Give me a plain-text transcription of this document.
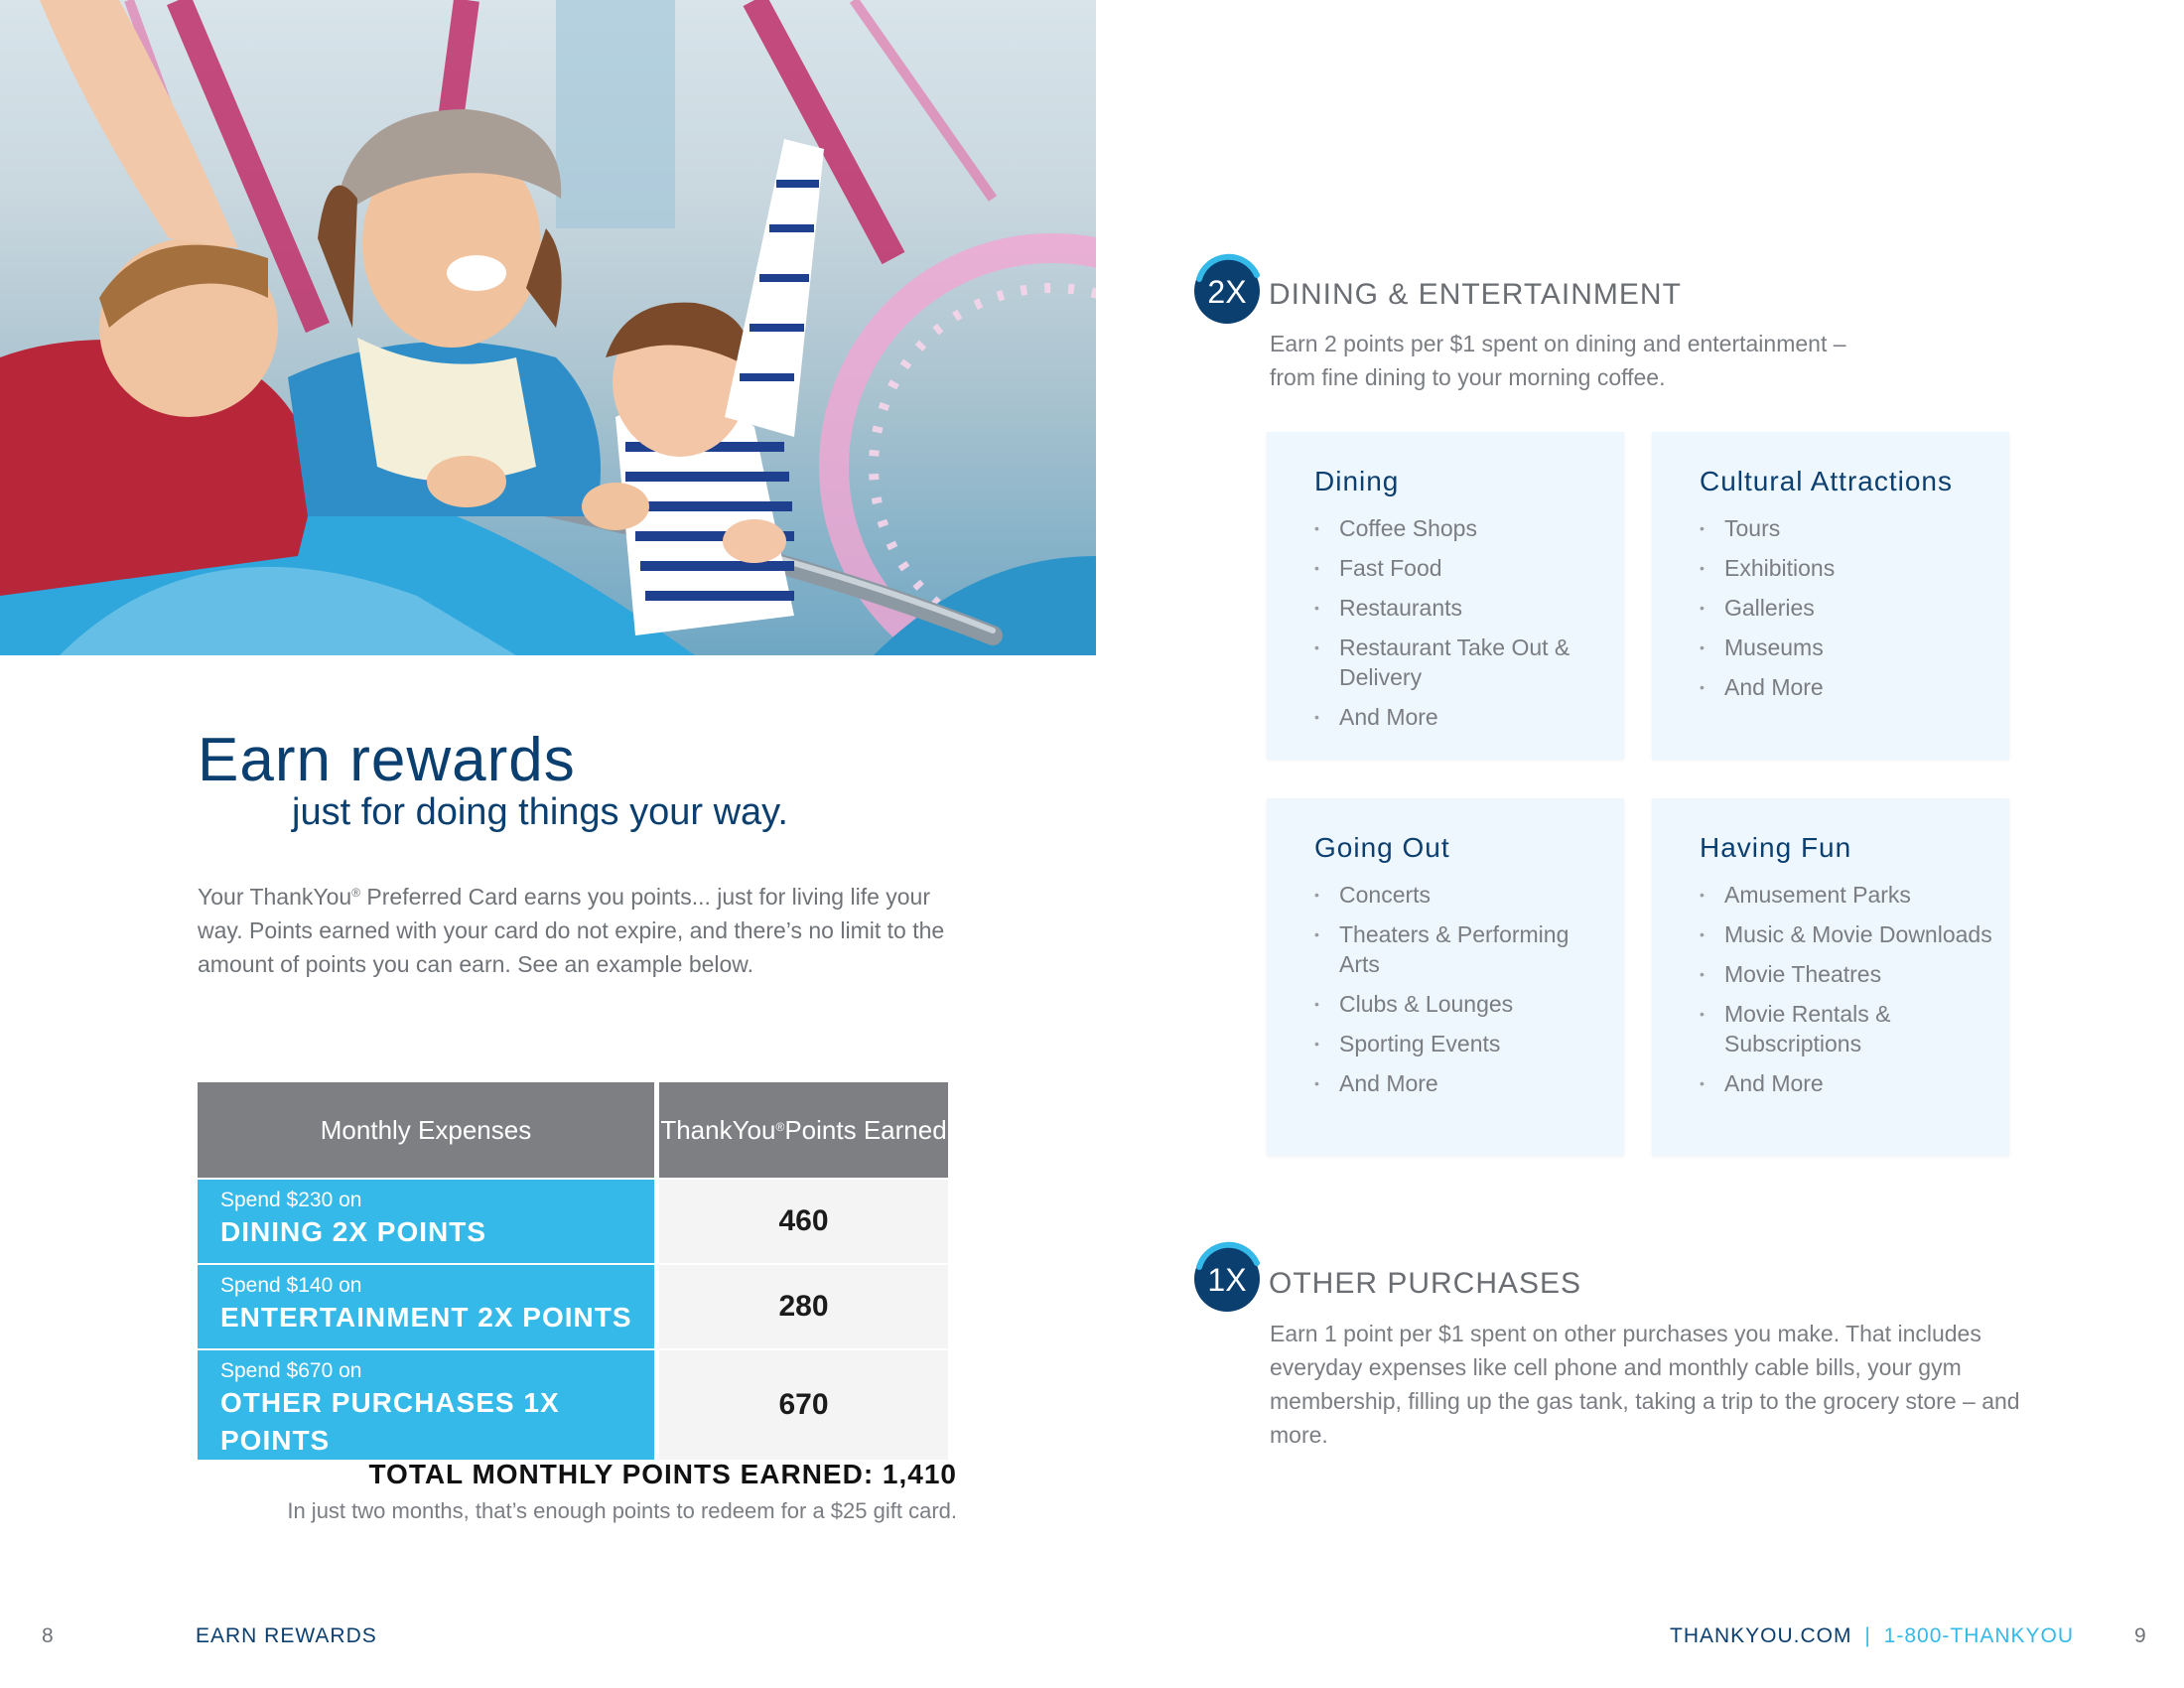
Earn rewards
just for doing things your way.

Your ThankYou® Preferred Card earns you points... just for living life your way. Points earned with your card do not expire, and there’s no limit to the amount of points you can earn. See an example below.

Monthly Expenses	ThankYou®Points Earned

Spend $230 on
DINING 2X POINTS	460

Spend $140 on
ENTERTAINMENT 2X POINTS	280

Spend $670 on
OTHER PURCHASES 1X POINTS	670

TOTAL MONTHLY POINTS EARNED: 1,410

In just two months, that’s enough points to redeem for a $25 gift card.

2X DINING & ENTERTAINMENT

Earn 2 points per $1 spent on dining and entertainment –
from fine dining to your morning coffee.

Dining
• Coffee Shops
• Fast Food
• Restaurants
• Restaurant Take Out & Delivery
• And More
Cultural Attractions
• Tours
• Exhibitions
• Galleries
• Museums
• And More
Going Out
• Concerts
• Theaters & Performing Arts
• Clubs & Lounges
• Sporting Events
• And More
Having Fun
• Amusement Parks
• Music & Movie Downloads
• Movie Theatres
• Movie Rentals & Subscriptions
• And More
1X OTHER PURCHASES

Earn 1 point per $1 spent on other purchases you make. That includes everyday expenses like cell phone and monthly cable bills, your gym membership, filling up the gas tank, taking a trip to the grocery store – and more.

8	EARN REWARDS	THANKYOU.COM | 1-800-THANKYOU	9
